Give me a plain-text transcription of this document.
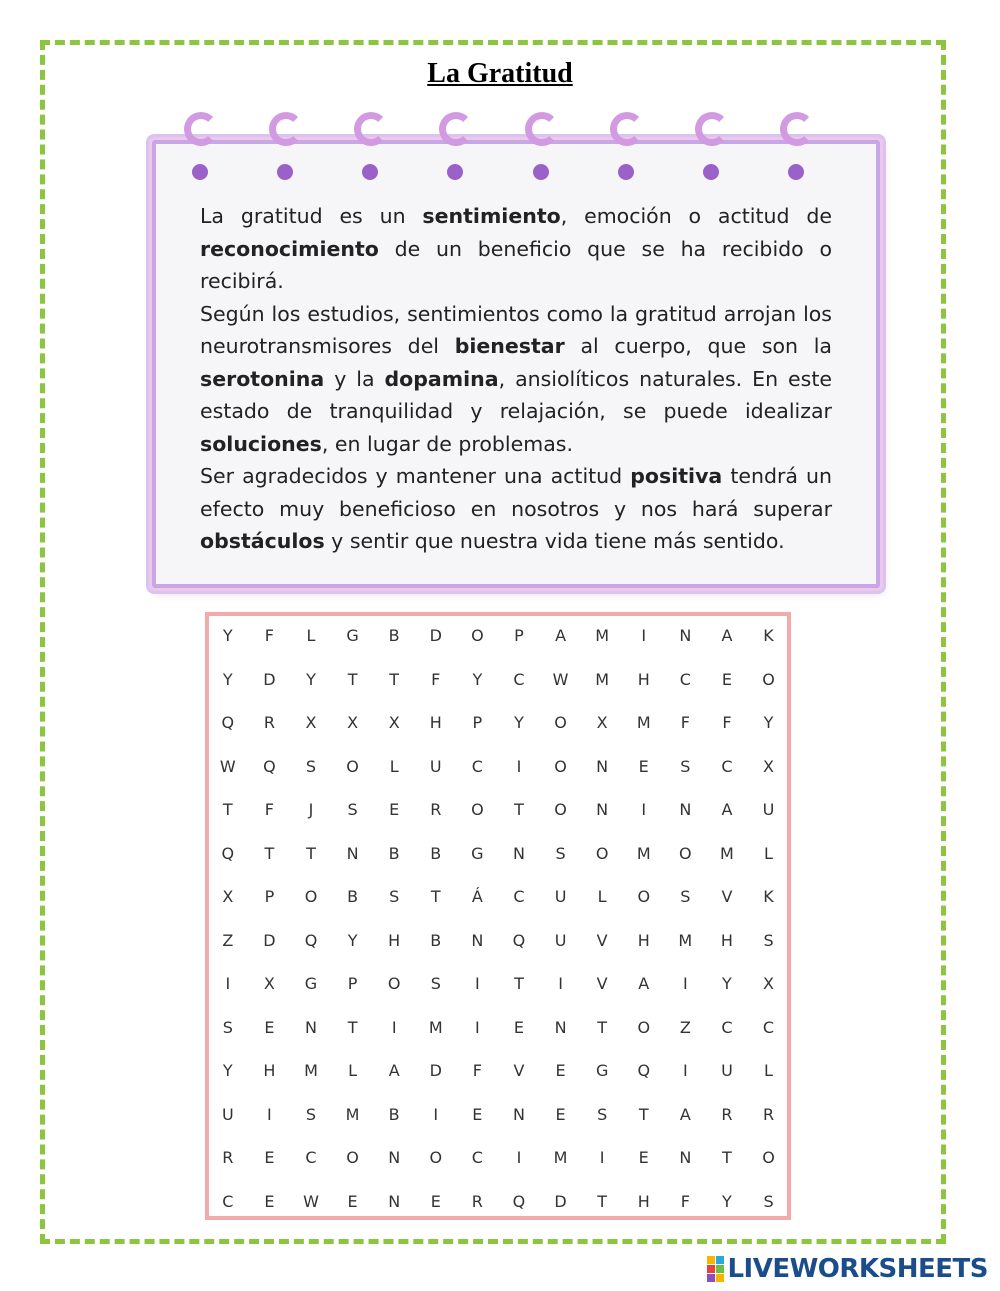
La Gratitud

La gratitud es un sentimiento, emoción o actitud de reconocimiento de un beneficio que se ha recibido o recibirá.

Según los estudios, sentimientos como la gratitud arrojan los neurotransmisores del bienestar al cuerpo, que son la serotonina y la dopamina, ansiolíticos naturales. En este estado de tranquilidad y relajación, se puede idealizar soluciones, en lugar de problemas.

Ser agradecidos y mantener una actitud positiva tendrá un efecto muy beneficioso en nosotros y nos hará superar obstáculos y sentir que nuestra vida tiene más sentido.

Y	F	L	G	B	D	O	P	A	M	I	N	A	K
Y	D	Y	T	T	F	Y	C	W	M	H	C	E	O
Q	R	X	X	X	H	P	Y	O	X	M	F	F	Y
W	Q	S	O	L	U	C	I	O	N	E	S	C	X
T	F	J	S	E	R	O	T	O	N	I	N	A	U
Q	T	T	N	B	B	G	N	S	O	M	O	M	L
X	P	O	B	S	T	Á	C	U	L	O	S	V	K
Z	D	Q	Y	H	B	N	Q	U	V	H	M	H	S
I	X	G	P	O	S	I	T	I	V	A	I	Y	X
S	E	N	T	I	M	I	E	N	T	O	Z	C	C
Y	H	M	L	A	D	F	V	E	G	Q	I	U	L
U	I	S	M	B	I	E	N	E	S	T	A	R	R
R	E	C	O	N	O	C	I	M	I	E	N	T	O
C	E	W	E	N	E	R	Q	D	T	H	F	Y	S
LIVEWORKSHEETS
